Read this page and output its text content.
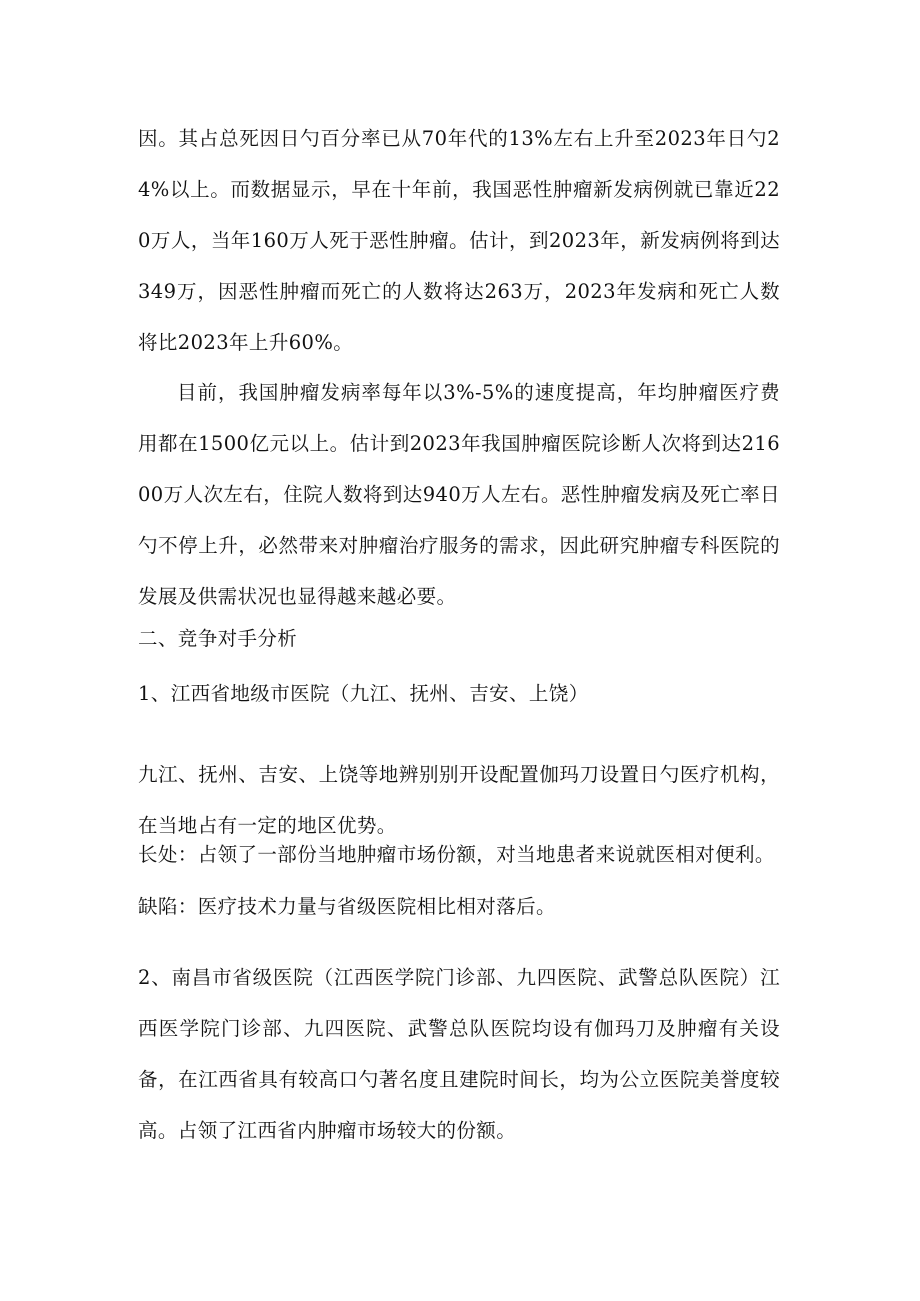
因。其占总死因日勺百分率已从70年代的13%左右上升至2023年日勺24%以上。而数据显示，早在十年前，我国恶性肿瘤新发病例就已靠近220万人，当年160万人死于恶性肿瘤。估计，到2023年，新发病例将到达349万，因恶性肿瘤而死亡的人数将达263万，2023年发病和死亡人数将比2023年上升60%。

目前，我国肿瘤发病率每年以3%-5%的速度提高，年均肿瘤医疗费用都在1500亿元以上。估计到2023年我国肿瘤医院诊断人次将到达21600万人次左右，住院人数将到达940万人左右。恶性肿瘤发病及死亡率日勺不停上升，必然带来对肿瘤治疗服务的需求，因此研究肿瘤专科医院的发展及供需状况也显得越来越必要。

二、竞争对手分析

1、江西省地级市医院（九江、抚州、吉安、上饶）

九江、抚州、吉安、上饶等地辨别别开设配置伽玛刀设置日勺医疗机构，在当地占有一定的地区优势。

长处：占领了一部份当地肿瘤市场份额，对当地患者来说就医相对便利。

缺陷：医疗技术力量与省级医院相比相对落后。

2、南昌市省级医院（江西医学院门诊部、九四医院、武警总队医院）江西医学院门诊部、九四医院、武警总队医院均设有伽玛刀及肿瘤有关设备，在江西省具有较高口勺著名度且建院时间长，均为公立医院美誉度较高。占领了江西省内肿瘤市场较大的份额。
